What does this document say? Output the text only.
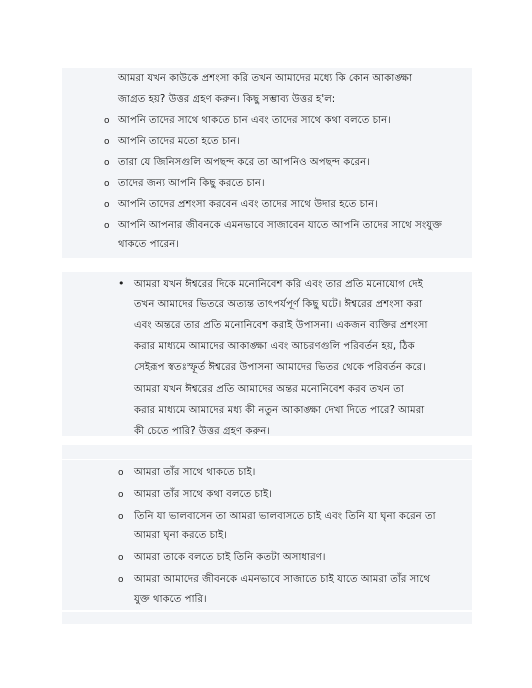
আমরা যখন কাউকে প্রশংসা করি তখন আমাদের মধ্যে কি কোন আকাঙ্ক্ষা
জাগ্রত হয়? উত্তর গ্রহণ করুন। কিছু সম্ভাব্য উত্তর হ'ল:
o আপনি তাদের সাথে থাকতে চান এবং তাদের সাথে কথা বলতে চান।
o আপনি তাদের মতো হতে চান।
o তারা যে জিনিসগুলি অপছন্দ করে তা আপনিও অপছন্দ করেন।
o তাদের জন্য আপনি কিছু করতে চান।
o আপনি তাদের প্রশংসা করবেন এবং তাদের সাথে উদার হতে চান।
o আপনি আপনার জীবনকে এমনভাবে সাজাবেন যাতে আপনি তাদের সাথে সংযুক্ত
থাকতে পারেন।
• আমরা যখন ঈশ্বরের দিকে মনোনিবেশ করি এবং তার প্রতি মনোযোগ দেই
তখন আমাদের ভিতরে অত্যন্ত তাৎপর্যপূর্ণ কিছু ঘটে। ঈশ্বরের প্রশংসা করা
এবং অন্তরে তার প্রতি মনোনিবেশ করাই উপাসনা। একজন ব্যক্তির প্রশংসা
করার মাধ্যমে আমাদের আকাঙ্ক্ষা এবং আচরণগুলি পরিবর্তন হয়, ঠিক
সেইরূপ স্বতঃস্ফূর্ত ঈশ্বরের উপাসনা আমাদের ভিতর থেকে পরিবর্তন করে।
আমরা যখন ঈশ্বরের প্রতি আমাদের অন্তর মনোনিবেশ করব তখন তা
করার মাধ্যমে আমাদের মধ্য কী নতুন আকাঙ্ক্ষা দেখা দিতে পারে? আমরা
কী চেতে পারি? উত্তর গ্রহণ করুন।
o আমরা তাঁর সাথে থাকতে চাই।
o আমরা তাঁর সাথে কথা বলতে চাই।
o তিনি যা ভালবাসেন তা আমরা ভালবাসতে চাই এবং তিনি যা ঘৃনা করেন তা
আমরা ঘৃনা করতে চাই।
o আমরা তাকে বলতে চাই তিনি কতটা অসাধারণ।
o আমরা আমাদের জীবনকে এমনভাবে সাজাতে চাই যাতে আমরা তাঁর সাথে
যুক্ত থাকতে পারি।
